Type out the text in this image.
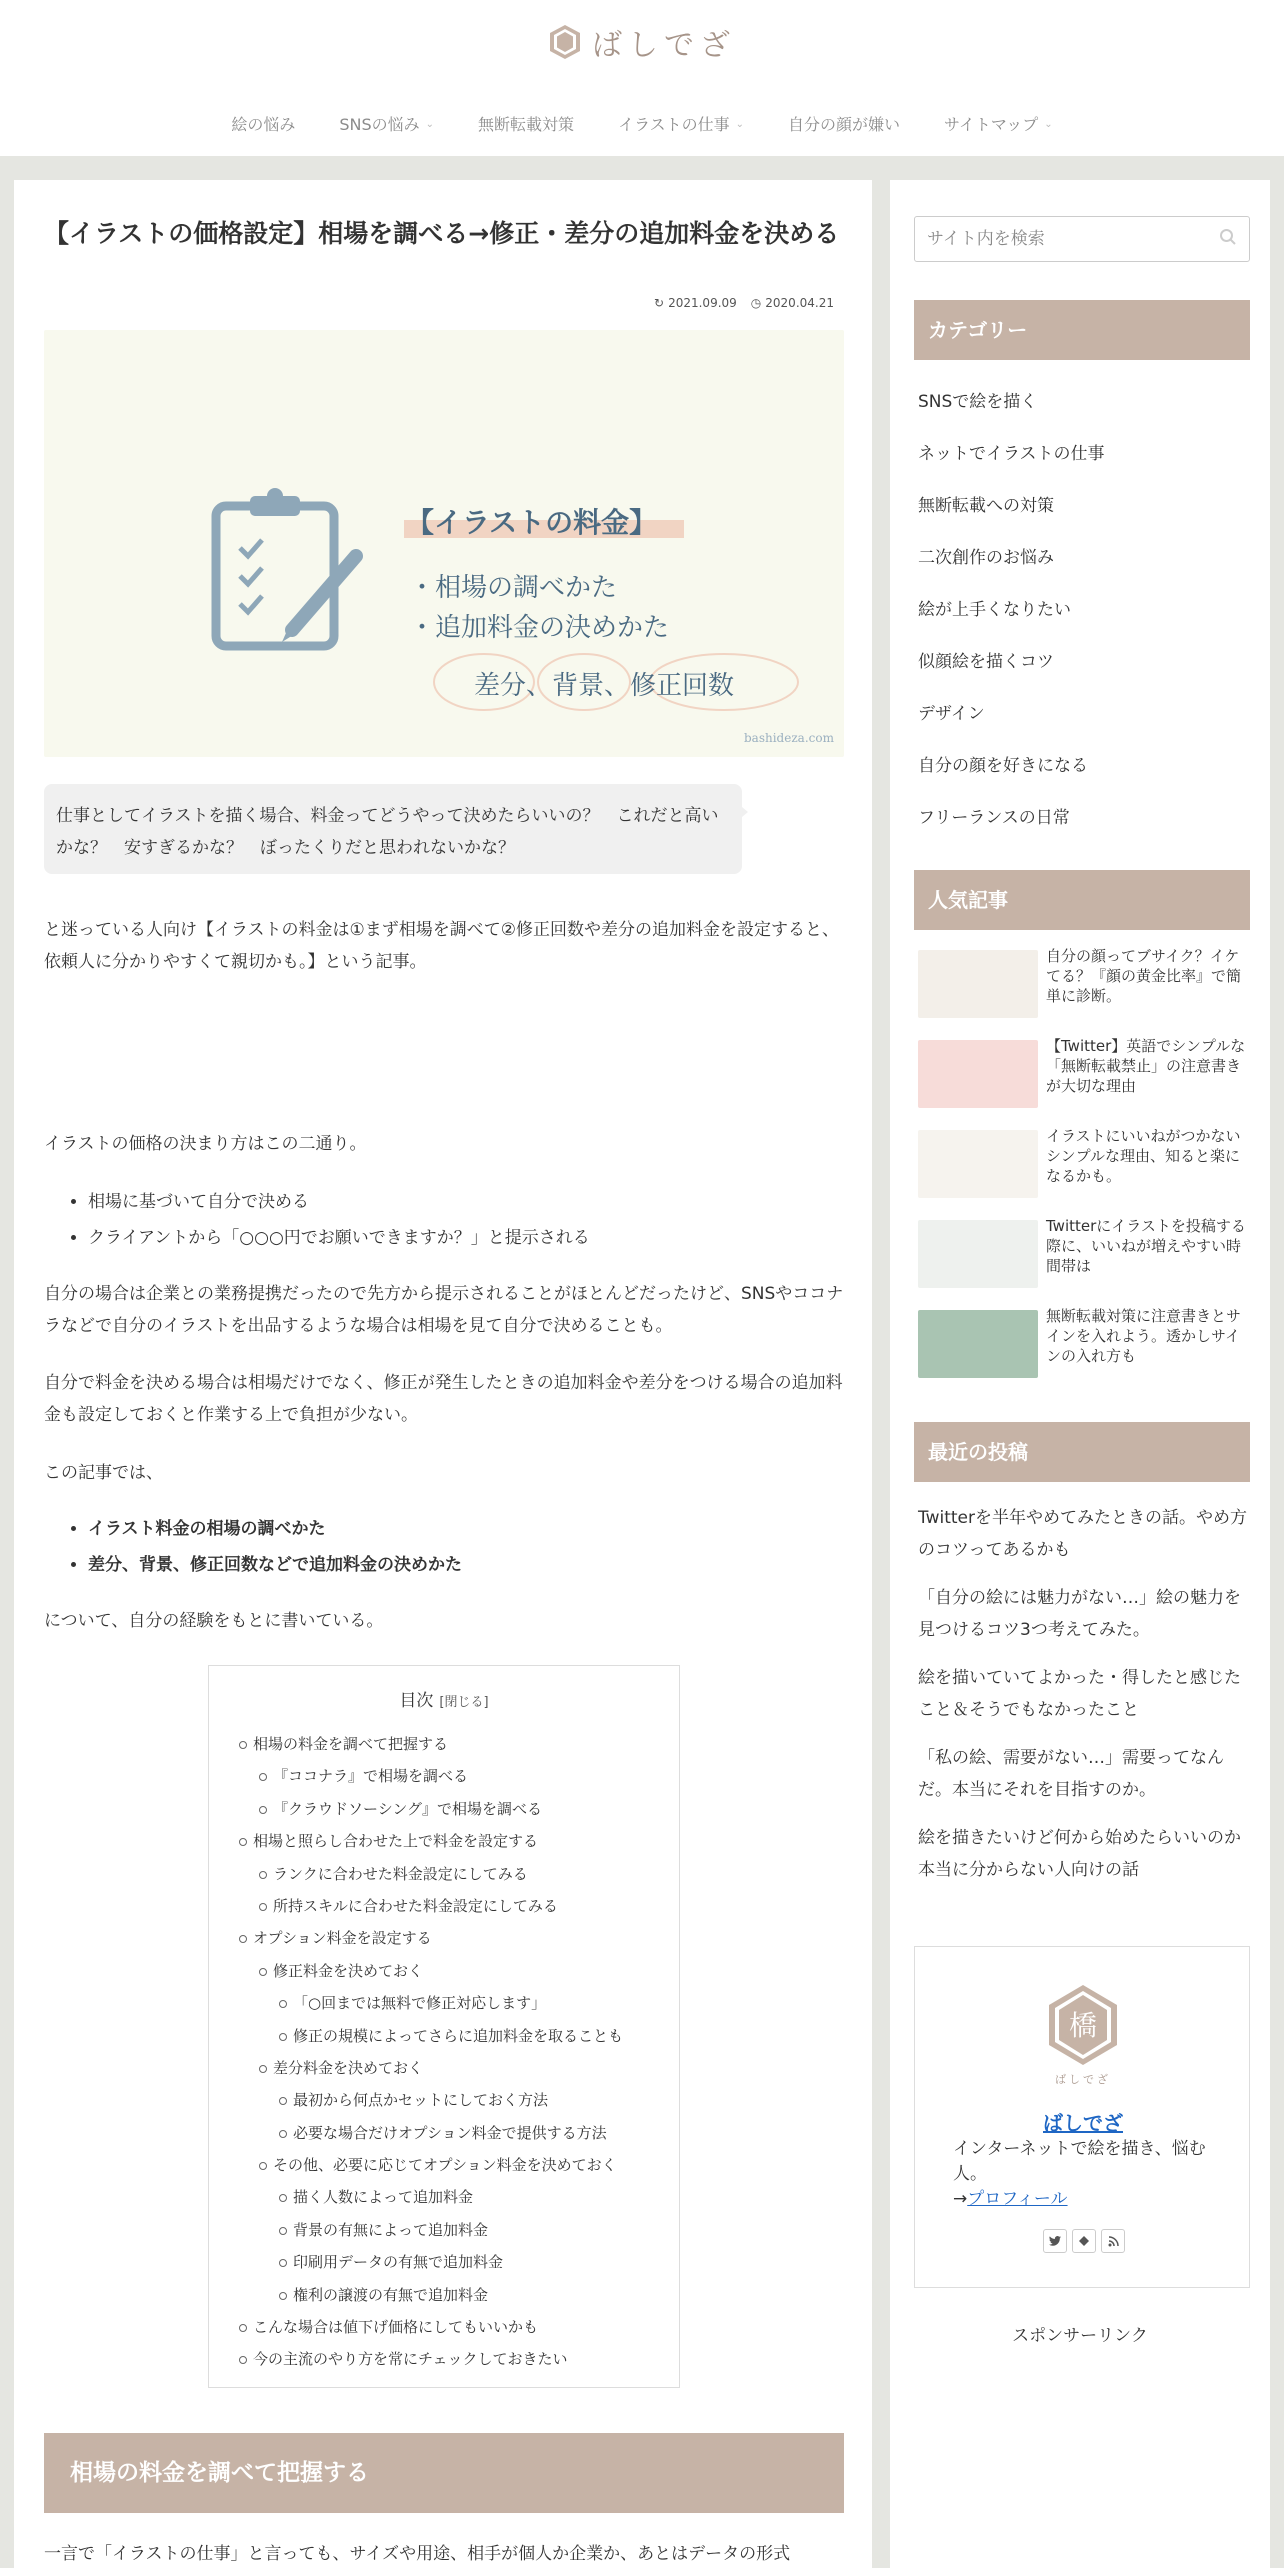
ばしでざ
絵の悩み	SNSの悩み ⌄	無断転載対策	イラストの仕事 ⌄	自分の顔が嫌い	サイトマップ ⌄
【イラストの価格設定】相場を調べる→修正・差分の追加料金を決める
↻ 2021.09.09 ◷ 2020.04.21
【イラストの料金】
・相場の調べかた
・追加料金の決めかた
差分、背景、修正回数
bashideza.com
仕事としてイラストを描く場合、料金ってどうやって決めたらいいの？　これだと高いかな？　安すぎるかな？　ぼったくりだと思われないかな？

と迷っている人向け【イラストの料金は①まず相場を調べて②修正回数や差分の追加料金を設定すると、依頼人に分かりやすくて親切かも。】という記事。

イラストの価格の決まり方はこの二通り。

• 相場に基づいて自分で決める
• クライアントから「○○○円でお願いできますか？」と提示される

自分の場合は企業との業務提携だったので先方から提示されることがほとんどだったけど、SNSやココナラなどで自分のイラストを出品するような場合は相場を見て自分で決めることも。

自分で料金を決める場合は相場だけでなく、修正が発生したときの追加料金や差分をつける場合の追加料金も設定しておくと作業する上で負担が少ない。

この記事では、

• イラスト料金の相場の調べかた
• 差分、背景、修正回数などで追加料金の決めかた

について、自分の経験をもとに書いている。

目次 [閉じる]
相場の料金を調べて把握する
『ココナラ』で相場を調べる
『クラウドソーシング』で相場を調べる
相場と照らし合わせた上で料金を設定する
ランクに合わせた料金設定にしてみる
所持スキルに合わせた料金設定にしてみる
オプション料金を設定する
修正料金を決めておく
「○回までは無料で修正対応します」
修正の規模によってさらに追加料金を取ることも
差分料金を決めておく
最初から何点かセットにしておく方法
必要な場合だけオプション料金で提供する方法
その他、必要に応じてオプション料金を決めておく
描く人数によって追加料金
背景の有無によって追加料金
印刷用データの有無で追加料金
権利の譲渡の有無で追加料金
こんな場合は値下げ価格にしてもいいかも
今の主流のやり方を常にチェックしておきたい
相場の料金を調べて把握する

一言で「イラストの仕事」と言っても、サイズや用途、相手が個人か企業か、あとはデータの形式

サイト内を検索
カテゴリー
SNSで絵を描く
ネットでイラストの仕事
無断転載への対策
二次創作のお悩み
絵が上手くなりたい
似顔絵を描くコツ
デザイン
自分の顔を好きになる
フリーランスの日常
人気記事
自分の顔ってブサイク？イケてる？『顔の黄金比率』で簡単に診断。
【Twitter】英語でシンプルな「無断転載禁止」の注意書きが大切な理由
イラストにいいねがつかないシンプルな理由、知ると楽になるかも。
Twitterにイラストを投稿する際に、いいねが増えやすい時間帯は
無断転載対策に注意書きとサインを入れよう。透かしサインの入れ方も
最近の投稿
Twitterを半年やめてみたときの話。やめ方のコツってあるかも
「自分の絵には魅力がない…」絵の魅力を見つけるコツ3つ考えてみた。
絵を描いていてよかった・得したと感じたこと＆そうでもなかったこと
「私の絵、需要がない…」需要ってなんだ。本当にそれを目指すのか。
絵を描きたいけど何から始めたらいいのか本当に分からない人向けの話
橋
ばしでざ
ばしでざ
インターネットで絵を描き、悩む人。
→プロフィール
スポンサーリンク
